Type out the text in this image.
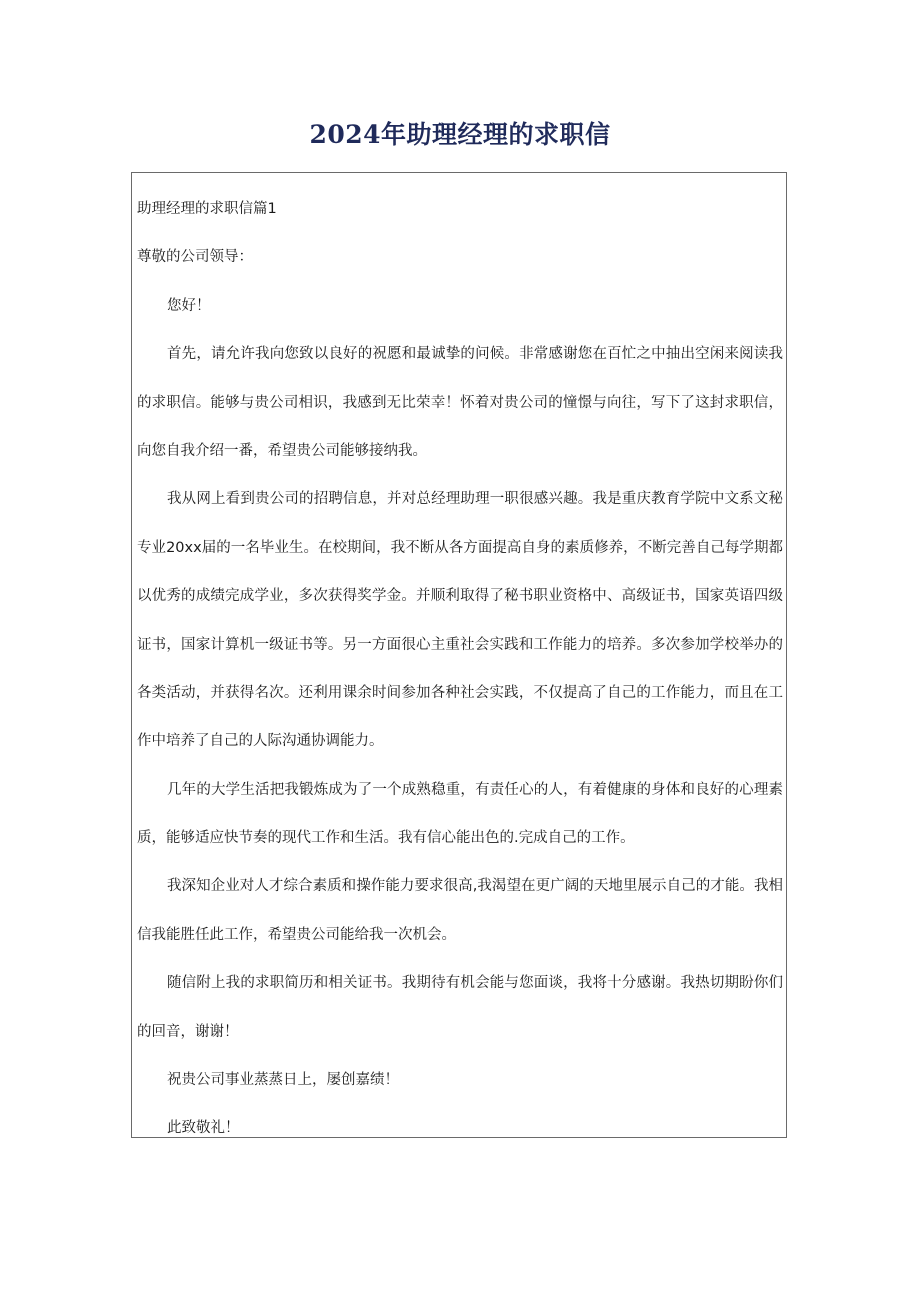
2024年助理经理的求职信
助理经理的求职信篇1
尊敬的公司领导：
您好！
首先，请允许我向您致以良好的祝愿和最诚挚的问候。非常感谢您在百忙之中抽出空闲来阅读我
的求职信。能够与贵公司相识，我感到无比荣幸！怀着对贵公司的憧憬与向往，写下了这封求职信，
向您自我介绍一番，希望贵公司能够接纳我。
我从网上看到贵公司的招聘信息，并对总经理助理一职很感兴趣。我是重庆教育学院中文系文秘
专业20xx届的一名毕业生。在校期间，我不断从各方面提高自身的素质修养，不断完善自己每学期都
以优秀的成绩完成学业，多次获得奖学金。并顺利取得了秘书职业资格中、高级证书，国家英语四级
证书，国家计算机一级证书等。另一方面很心主重社会实践和工作能力的培养。多次参加学校举办的
各类活动，并获得名次。还利用课余时间参加各种社会实践，不仅提高了自己的工作能力，而且在工
作中培养了自己的人际沟通协调能力。
几年的大学生活把我锻炼成为了一个成熟稳重，有责任心的人，有着健康的身体和良好的心理素
质，能够适应快节奏的现代工作和生活。我有信心能出色的.完成自己的工作。
我深知企业对人才综合素质和操作能力要求很高,我渴望在更广阔的天地里展示自己的才能。我相
信我能胜任此工作，希望贵公司能给我一次机会。
随信附上我的求职简历和相关证书。我期待有机会能与您面谈，我将十分感谢。我热切期盼你们
的回音，谢谢！
祝贵公司事业蒸蒸日上，屡创嘉绩！
此致敬礼！
